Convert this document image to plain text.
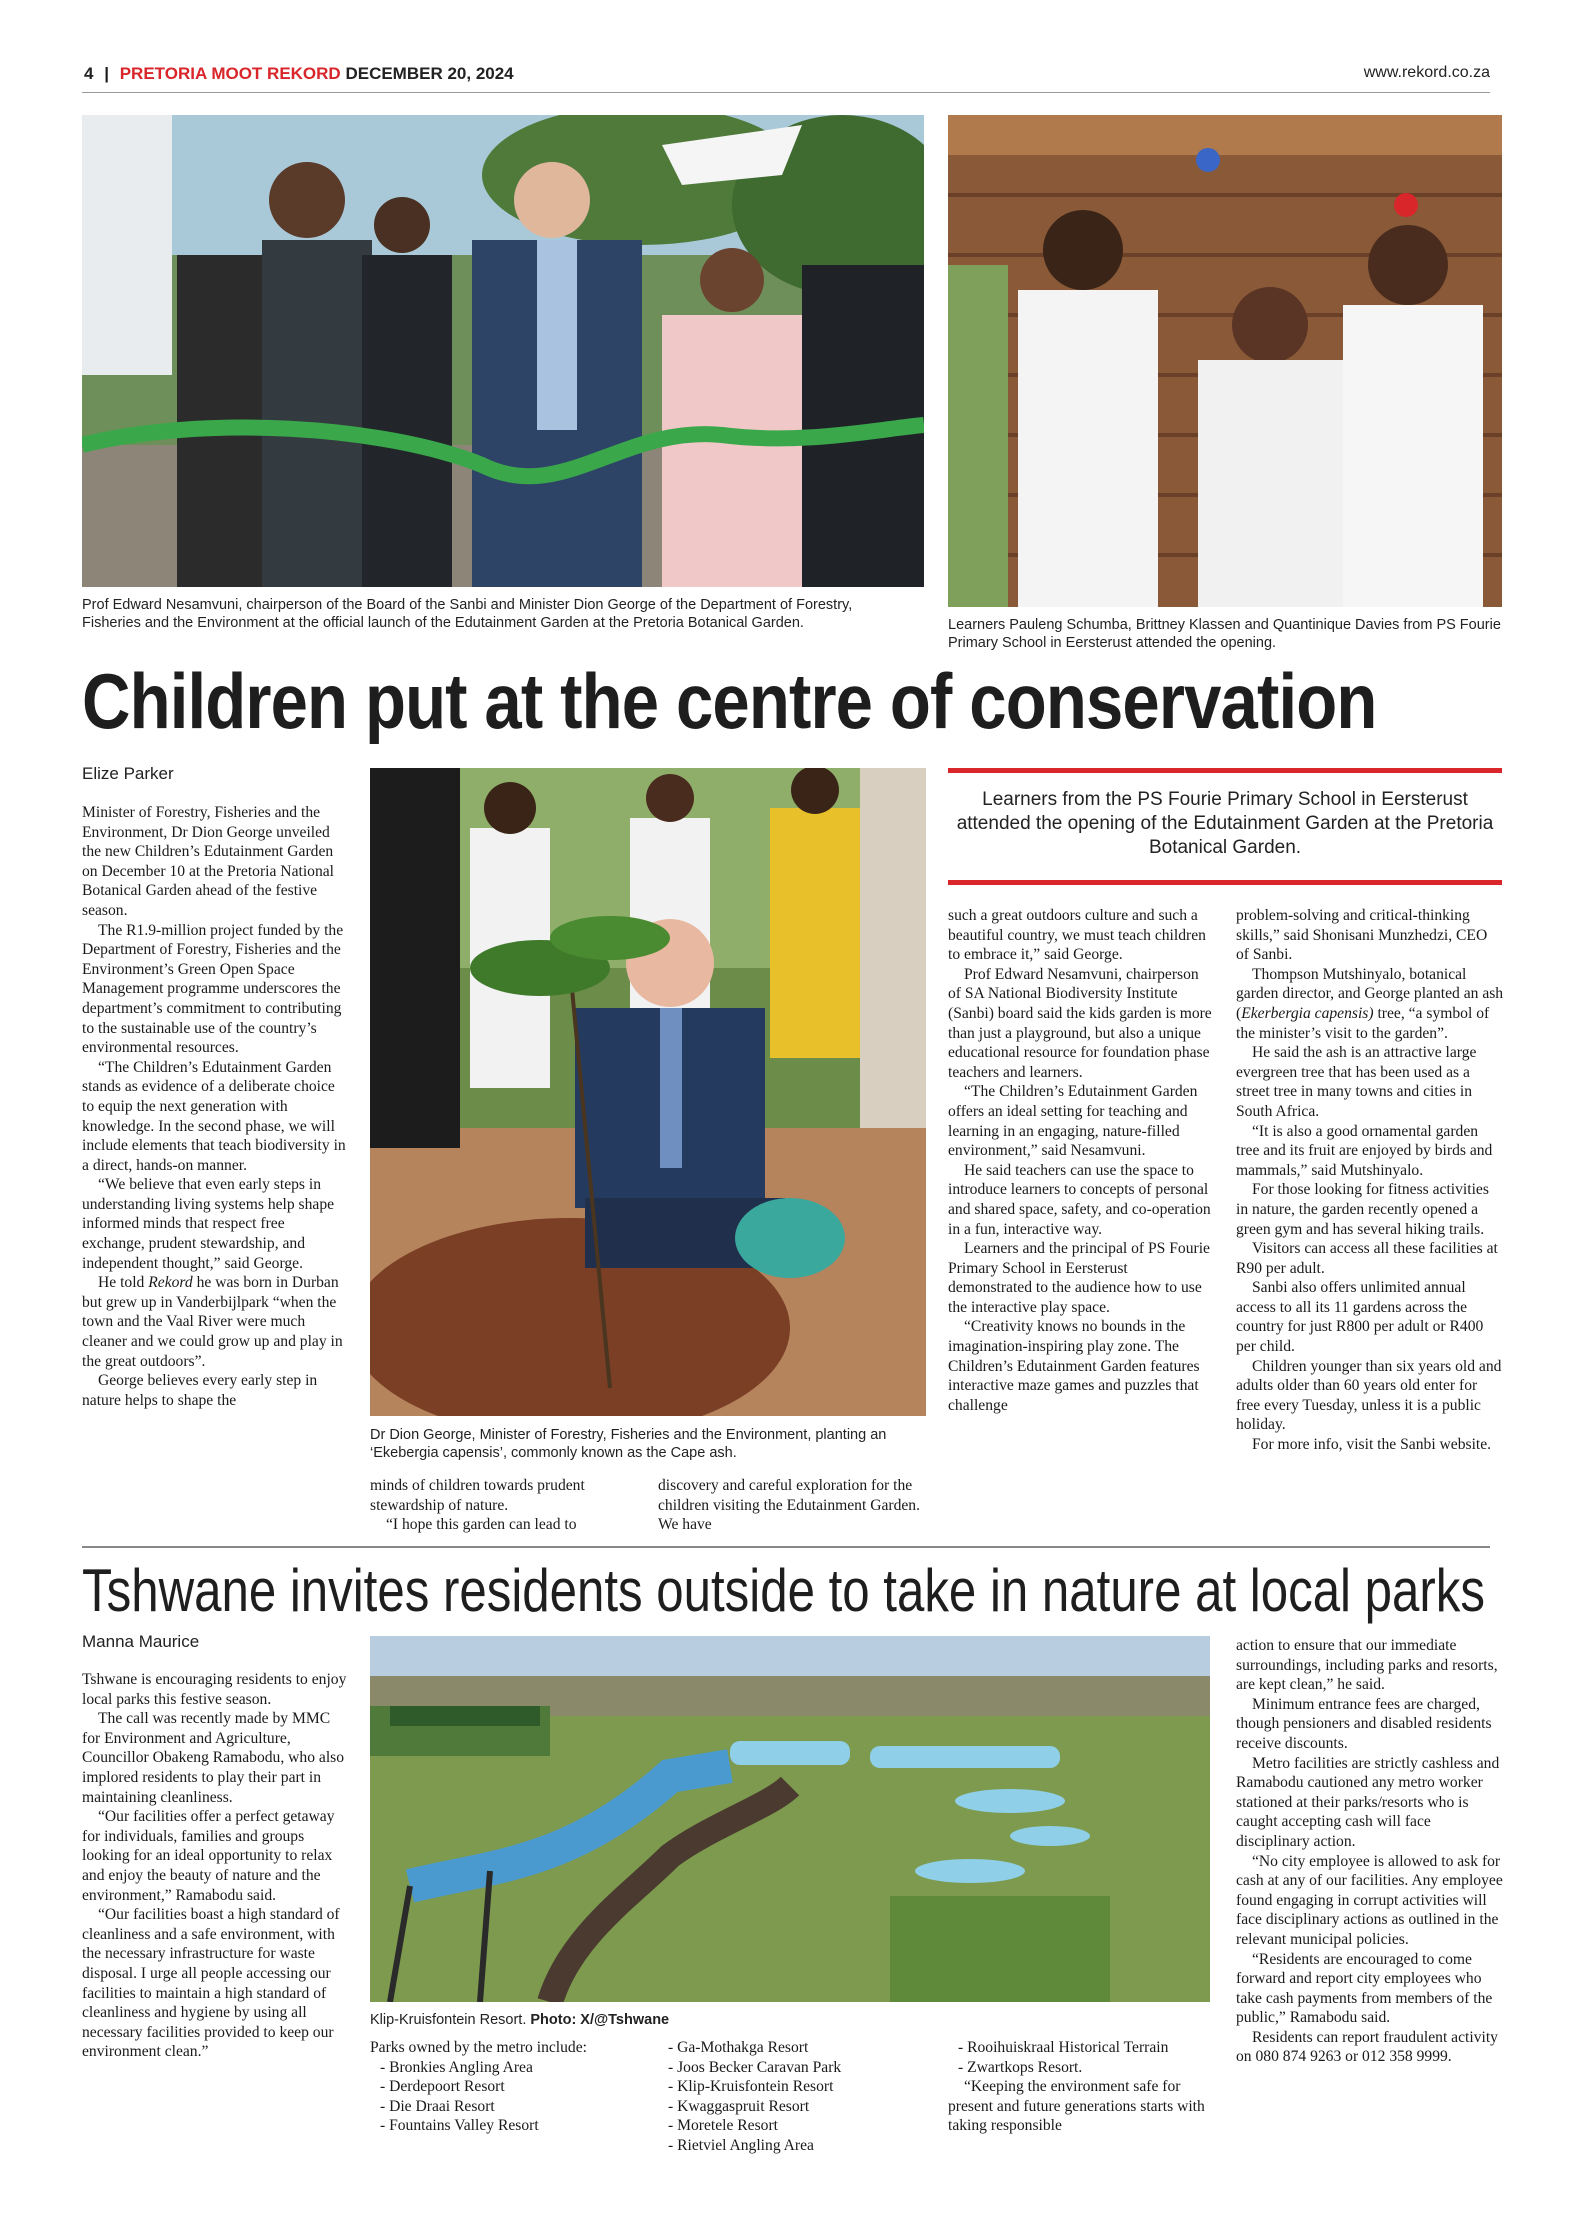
4 | PRETORIA MOOT REKORD DECEMBER 20, 2024	www.rekord.co.za
Prof Edward Nesamvuni, chairperson of the Board of the Sanbi and Minister Dion George of the Department of Forestry, Fisheries and the Environment at the official launch of the Edutainment Garden at the Pretoria Botanical Garden.	Learners Pauleng Schumba, Brittney Klassen and Quantinique Davies from PS Fourie Primary School in Eersterust attended the opening.
Children put at the centre of conservation
Elize Parker

Minister of Forestry, Fisheries and the Environment, Dr Dion George unveiled the new Children’s Edutainment Garden on December 10 at the Pretoria National Botanical Garden ahead of the festive season.

The R1.9-million project funded by the Department of Forestry, Fisheries and the Environment’s Green Open Space Management programme underscores the department’s commitment to contributing to the sustainable use of the country’s environmental resources.

“The Children’s Edutainment Garden stands as evidence of a deliberate choice to equip the next generation with knowledge. In the second phase, we will include elements that teach biodiversity in a direct, hands-on manner.

“We believe that even early steps in understanding living systems help shape informed minds that respect free exchange, prudent stewardship, and independent thought,” said George.

He told Rekord he was born in Durban but grew up in Vanderbijlpark “when the town and the Vaal River were much cleaner and we could grow up and play in the great outdoors”.

George believes every early step in nature helps to shape the

Dr Dion George, Minister of Forestry, Fisheries and the Environment, planting an ‘Ekebergia capensis’, commonly known as the Cape ash.

minds of children towards prudent stewardship of nature.

“I hope this garden can lead to

discovery and careful exploration for the children visiting the Edutainment Garden. We have

Learners from the PS Fourie Primary School in Eersterust attended the opening of the Edutainment Garden at the Pretoria Botanical Garden.

such a great outdoors culture and such a beautiful country, we must teach children to embrace it,” said George.

Prof Edward Nesamvuni, chairperson of SA National Biodiversity Institute (Sanbi) board said the kids garden is more than just a playground, but also a unique educational resource for foundation phase teachers and learners.

“The Children’s Edutainment Garden offers an ideal setting for teaching and learning in an engaging, nature-filled environment,” said Nesamvuni.

He said teachers can use the space to introduce learners to concepts of personal and shared space, safety, and co-operation in a fun, interactive way.

Learners and the principal of PS Fourie Primary School in Eersterust demonstrated to the audience how to use the interactive play space.

“Creativity knows no bounds in the imagination-inspiring play zone. The Children’s Edutainment Garden features interactive maze games and puzzles that challenge

problem-solving and critical-thinking skills,” said Shonisani Munzhedzi, CEO of Sanbi.

Thompson Mutshinyalo, botanical garden director, and George planted an ash (Ekerbergia capensis) tree, “a symbol of the minister’s visit to the garden”.

He said the ash is an attractive large evergreen tree that has been used as a street tree in many towns and cities in South Africa.

“It is also a good ornamental garden tree and its fruit are enjoyed by birds and mammals,” said Mutshinyalo.

For those looking for fitness activities in nature, the garden recently opened a green gym and has several hiking trails.

Visitors can access all these facilities at R90 per adult.

Sanbi also offers unlimited annual access to all its 11 gardens across the country for just R800 per adult or R400 per child.

Children younger than six years old and adults older than 60 years old enter for free every Tuesday, unless it is a public holiday.

For more info, visit the Sanbi website.

Tshwane invites residents outside to take in nature at local parks
Manna Maurice

Tshwane is encouraging residents to enjoy local parks this festive season.

The call was recently made by MMC for Environment and Agriculture, Councillor Obakeng Ramabodu, who also implored residents to play their part in maintaining cleanliness.

“Our facilities offer a perfect getaway for individuals, families and groups looking for an ideal opportunity to relax and enjoy the beauty of nature and the environment,” Ramabodu said.

“Our facilities boast a high standard of cleanliness and a safe environment, with the necessary infrastructure for waste disposal. I urge all people accessing our facilities to maintain a high standard of cleanliness and hygiene by using all necessary facilities provided to keep our environment clean.”

Klip-Kruisfontein Resort. Photo: X/@Tshwane

Parks owned by the metro include:

- Bronkies Angling Area

- Derdepoort Resort

- Die Draai Resort

- Fountains Valley Resort

- Ga-Mothakga Resort

- Joos Becker Caravan Park

- Klip-Kruisfontein Resort

- Kwaggaspruit Resort

- Moretele Resort

- Rietviel Angling Area

- Rooihuiskraal Historical Terrain

- Zwartkops Resort.

“Keeping the environment safe for present and future generations starts with taking responsible

action to ensure that our immediate surroundings, including parks and resorts, are kept clean,” he said.

Minimum entrance fees are charged, though pensioners and disabled residents receive discounts.

Metro facilities are strictly cashless and Ramabodu cautioned any metro worker stationed at their parks/resorts who is caught accepting cash will face disciplinary action.

“No city employee is allowed to ask for cash at any of our facilities. Any employee found engaging in corrupt activities will face disciplinary actions as outlined in the relevant municipal policies.

“Residents are encouraged to come forward and report city employees who take cash payments from members of the public,” Ramabodu said.

Residents can report fraudulent activity on 080 874 9263 or 012 358 9999.
